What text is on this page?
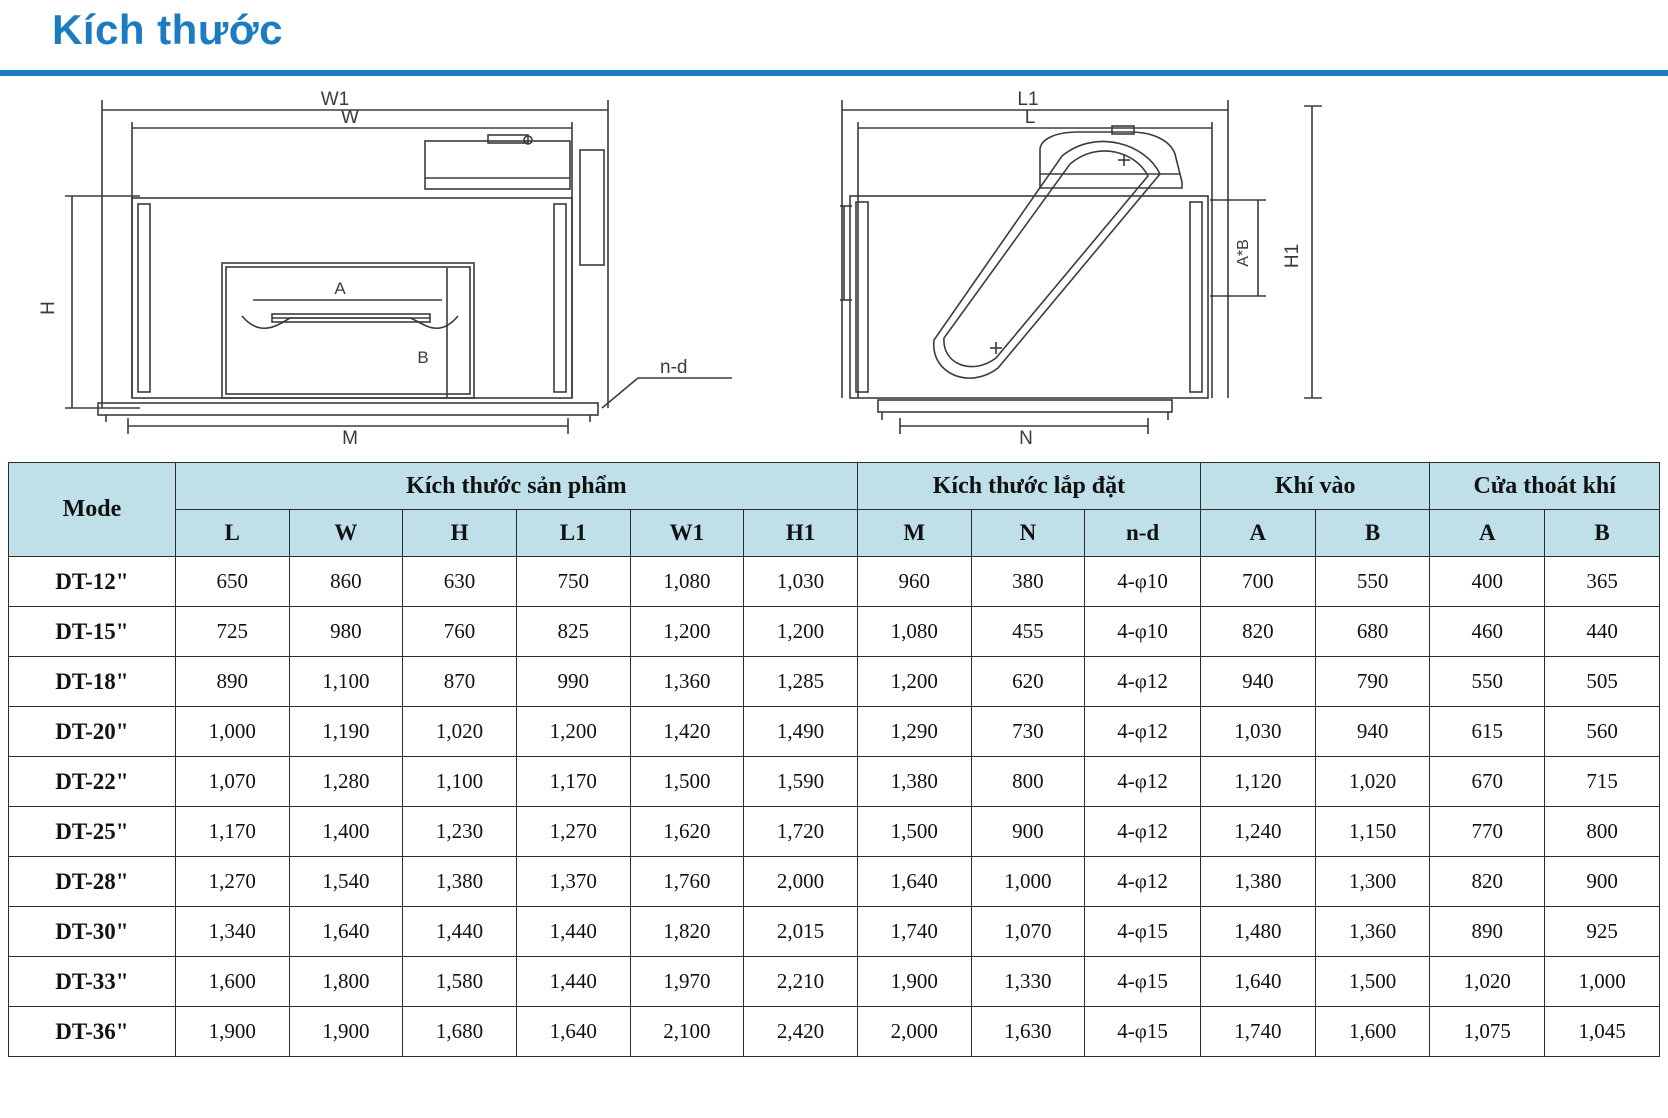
Kích thước
W1
W
A
B
M
n-d
H
L1
L
A*B H1
N
Mode	Kích thước sản phẩm						Kích thước lắp đặt			Khí vào		Cửa thoát khí	
	L	W	H	L1	W1	H1	M	N	n-d	A	B	A	B
DT-12"	650	860	630	750	1,080	1,030	960	380	4-φ10	700	550	400	365
DT-15"	725	980	760	825	1,200	1,200	1,080	455	4-φ10	820	680	460	440
DT-18"	890	1,100	870	990	1,360	1,285	1,200	620	4-φ12	940	790	550	505
DT-20"	1,000	1,190	1,020	1,200	1,420	1,490	1,290	730	4-φ12	1,030	940	615	560
DT-22"	1,070	1,280	1,100	1,170	1,500	1,590	1,380	800	4-φ12	1,120	1,020	670	715
DT-25"	1,170	1,400	1,230	1,270	1,620	1,720	1,500	900	4-φ12	1,240	1,150	770	800
DT-28"	1,270	1,540	1,380	1,370	1,760	2,000	1,640	1,000	4-φ12	1,380	1,300	820	900
DT-30"	1,340	1,640	1,440	1,440	1,820	2,015	1,740	1,070	4-φ15	1,480	1,360	890	925
DT-33"	1,600	1,800	1,580	1,440	1,970	2,210	1,900	1,330	4-φ15	1,640	1,500	1,020	1,000
DT-36"	1,900	1,900	1,680	1,640	2,100	2,420	2,000	1,630	4-φ15	1,740	1,600	1,075	1,045
